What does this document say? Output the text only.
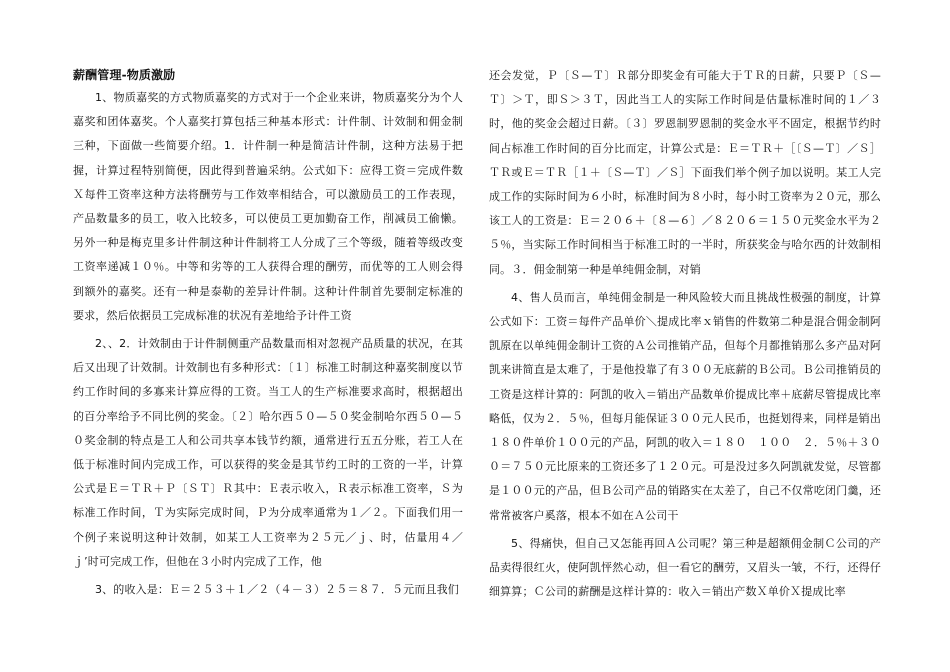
薪酬管理-物质激励

1、物质嘉奖的方式物质嘉奖的方式对于一个企业来讲，物质嘉奖分为个人嘉奖和团体嘉奖。个人嘉奖打算包括三种基本形式：计件制、计效制和佣金制三种，下面做一些简要介绍。1．计件制一种是简洁计件制，这种方法易于把握，计算过程特别简便，因此得到普遍采纳。公式如下：应得工资＝完成件数Ｘ每件工资率这种方法将酬劳与工作效率相结合，可以激励员工的工作表现，产品数量多的员工，收入比较多，可以使员工更加勤奋工作，削减员工偷懒。另外一种是梅克里多计件制这种计件制将工人分成了三个等级，随着等级改变工资率递减１０％。中等和劣等的工人获得合理的酬劳，而优等的工人则会得到额外的嘉奖。还有一种是泰勒的差异计件制。这种计件制首先要制定标准的要求，然后依据员工完成标准的状况有差地给予计件工资

2、、2．计效制由于计件制侧重产品数量而相对忽视产品质量的状况，在其后又出现了计效制。计效制也有多种形式：〔１〕标准工时制这种嘉奖制度以节约工作时间的多寡来计算应得的工资。当工人的生产标准要求高时，根据超出的百分率给予不同比例的奖金。〔２〕哈尔西５０—５０奖金制哈尔西５０—５０奖金制的特点是工人和公司共享本钱节约额，通常进行五五分账，若工人在低于标准时间内完成工作，可以获得的奖金是其节约工时的工资的一半，计算公式是Ｅ＝ＴＲ＋Ｐ〔ＳＴ〕Ｒ其中：Ｅ表示收入，Ｒ表示标准工资率，Ｓ为标准工作时间，Ｔ为实际完成时间，Ｐ为分成率通常为１／２。下面我们用一个例子来说明这种计效制，如某工人工资率为２５元／ｊ、时，估量用４／ｊ’时可完成工作，但他在３小时内完成了工作，他

3、的收入是：Ｅ＝２５３＋１／２（４－３）２５＝８７．５元而且我们

还会发觉，Ｐ〔Ｓ—Ｔ〕Ｒ部分即奖金有可能大于ＴＲ的日薪，只要Ｐ〔Ｓ—Ｔ〕＞Ｔ，即Ｓ＞３Ｔ，因此当工人的实际工作时间是估量标准时间的１／３时，他的奖金会超过日薪。〔３〕罗恩制罗恩制的奖金水平不固定，根据节约时间占标准工作时间的百分比而定，计算公式是：Ｅ＝ＴＲ＋［〔Ｓ—Ｔ〕／Ｓ］ＴＲ或Ｅ＝ＴＲ［１＋〔Ｓ—Ｔ〕／Ｓ］下面我们举个例子加以说明。某工人完成工作的实际时间为６小时，标准时间为８小时，每小时工资率为２０元，那么该工人的工资是：Ｅ＝２０６＋〔８—６〕／８２０６＝１５０元奖金水平为２５％，当实际工作时间相当于标准工时的一半时，所获奖金与哈尔西的计效制相同。３．佣金制第一种是单纯佣金制，对销

4、售人员而言，单纯佣金制是一种风险较大而且挑战性极强的制度，计算公式如下：工资＝每件产品单价＼提成比率ｘ销售的件数第二种是混合佣金制阿凯原在以单纯佣金制计工资的Ａ公司推销产品，但每个月都推销那么多产品对阿凯来讲简直是太难了，于是他投靠了有３００无底薪的Ｂ公司。Ｂ公司推销员的工资是这样计算的：阿凯的收入＝销出产品数单价提成比率＋底薪尽管提成比率略低，仅为２．５％，但每月能保证３００元人民币，也挺划得来，同样是销出１８０件单价１００元的产品，阿凯的收入＝１８０　１００　２．５％＋３００＝７５０元比原来的工资还多了１２０元。可是没过多久阿凯就发觉，尽管都是１００元的产品，但Ｂ公司产品的销路实在太差了，自己不仅常吃闭门羹，还常常被客户奚落，根本不如在Ａ公司干

5、得痛快，但自己又怎能再回Ａ公司呢？第三种是超额佣金制Ｃ公司的产品卖得很红火，使阿凯怦然心动，但一看它的酬劳，又眉头一皱，不行，还得仔细算算；Ｃ公司的薪酬是这样计算的：收入＝销出产数Ｘ单价Ｘ提成比率
